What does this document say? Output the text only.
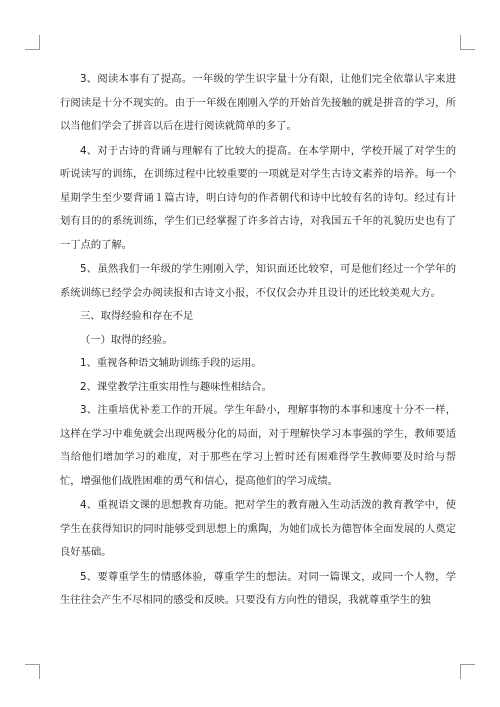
3、阅读本事有了提高。一年级的学生识字量十分有限，让他们完全依靠认字来进行阅读是十分不现实的。由于一年级在刚刚入学的开始首先接触的就是拼音的学习，所以当他们学会了拼音以后在进行阅读就简单的多了。

4、对于古诗的背诵与理解有了比较大的提高。在本学期中，学校开展了对学生的听说读写的训练，在训练过程中比较重要的一项就是对学生古诗文素养的培养。每一个星期学生至少要背诵１篇古诗，明白诗句的作者朝代和诗中比较有名的诗句。经过有计划有目的的系统训练，学生们已经掌握了许多首古诗，对我国五千年的礼貌历史也有了一丁点的了解。

5、虽然我们一年级的学生刚刚入学，知识面还比较窄，可是他们经过一个学年的系统训练已经学会办阅读报和古诗文小报，不仅仅会办并且设计的还比较美观大方。

三、取得经验和存在不足

（一）取得的经验。

1、重视各种语文辅助训练手段的运用。

2、课堂教学注重实用性与趣味性相结合。

3、注重培优补差工作的开展。学生年龄小，理解事物的本事和速度十分不一样，这样在学习中难免就会出现两极分化的局面，对于理解快学习本事强的学生，教师要适当给他们增加学习的难度，对于那些在学习上暂时还有困难得学生教师要及时给与帮忙，增强他们战胜困难的勇气和信心，提高他们的学习成绩。

4、重视语文课的思想教育功能。把对学生的教育融入生动活泼的教育教学中，使学生在获得知识的同时能够受到思想上的熏陶，为她们成长为德智体全面发展的人奠定良好基础。

5、要尊重学生的情感体验，尊重学生的想法。对同一篇课文，或同一个人物，学生往往会产生不尽相同的感受和反映。只要没有方向性的错误，我就尊重学生的独
